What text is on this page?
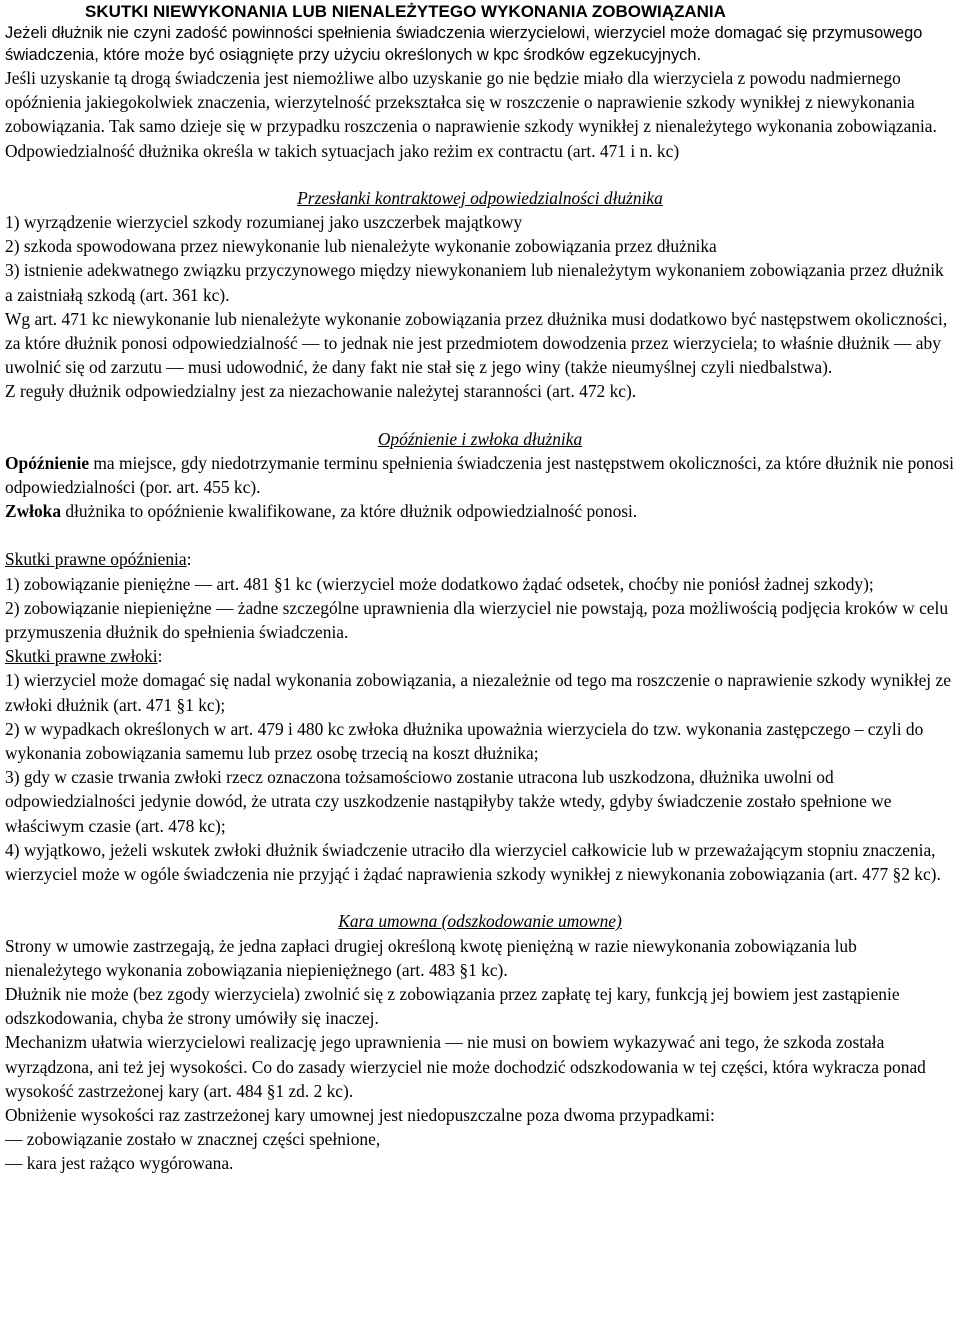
SKUTKI NIEWYKONANIA LUB NIENALEŻYTEGO WYKONANIA ZOBOWIĄZANIA

Jeżeli dłużnik nie czyni zadość powinności spełnienia świadczenia wierzycielowi, wierzyciel może domagać się przymusowego świadczenia, które może być osiągnięte przy użyciu określonych w kpc środków egzekucyjnych.

Jeśli uzyskanie tą drogą świadczenia jest niemożliwe albo uzyskanie go nie będzie miało dla wierzyciela z powodu nadmiernego opóźnienia jakiegokolwiek znaczenia, wierzytelność przekształca się w roszczenie o naprawienie szkody wynikłej z niewykonania zobowiązania. Tak samo dzieje się w przypadku roszczenia o naprawienie szkody wynikłej z nienależytego wykonania zobowiązania.

Odpowiedzialność dłużnika określa w takich sytuacjach jako reżim ex contractu (art. 471 i n. kc)

Przesłanki kontraktowej odpowiedzialności dłużnika

1) wyrządzenie wierzyciel szkody rozumianej jako uszczerbek majątkowy

2) szkoda spowodowana przez niewykonanie lub nienależyte wykonanie zobowiązania przez dłużnika

3) istnienie adekwatnego związku przyczynowego między niewykonaniem lub nienależytym wykonaniem zobowiązania przez dłużnik a zaistniałą szkodą (art. 361 kc).

Wg art. 471 kc niewykonanie lub nienależyte wykonanie zobowiązania przez dłużnika musi dodatkowo być następstwem okoliczności, za które dłużnik ponosi odpowiedzialność — to jednak nie jest przedmiotem dowodzenia przez wierzyciela; to właśnie dłużnik — aby uwolnić się od zarzutu — musi udowodnić, że dany fakt nie stał się z jego winy (także nieumyślnej czyli niedbalstwa).

Z reguły dłużnik odpowiedzialny jest za niezachowanie należytej staranności (art. 472 kc).

Opóźnienie i zwłoka dłużnika

Opóźnienie ma miejsce, gdy niedotrzymanie terminu spełnienia świadczenia jest następstwem okoliczności, za które dłużnik nie ponosi odpowiedzialności (por. art. 455 kc).

Zwłoka dłużnika to opóźnienie kwalifikowane, za które dłużnik odpowiedzialność ponosi.

Skutki prawne opóźnienia:

1) zobowiązanie pieniężne — art. 481 §1 kc (wierzyciel może dodatkowo żądać odsetek, choćby nie poniósł żadnej szkody);

2) zobowiązanie niepieniężne — żadne szczególne uprawnienia dla wierzyciel nie powstają, poza możliwością podjęcia kroków w celu przymuszenia dłużnik do spełnienia świadczenia.

Skutki prawne zwłoki:

1) wierzyciel może domagać się nadal wykonania zobowiązania, a niezależnie od tego ma roszczenie o naprawienie szkody wynikłej ze zwłoki dłużnik (art. 471 §1 kc);

2) w wypadkach określonych w art. 479 i 480 kc zwłoka dłużnika upoważnia wierzyciela do tzw. wykonania zastępczego – czyli do wykonania zobowiązania samemu lub przez osobę trzecią na koszt dłużnika;

3) gdy w czasie trwania zwłoki rzecz oznaczona tożsamościowo zostanie utracona lub uszkodzona, dłużnika uwolni od odpowiedzialności jedynie dowód, że utrata czy uszkodzenie nastąpiłyby także wtedy, gdyby świadczenie zostało spełnione we właściwym czasie (art. 478 kc);

4) wyjątkowo, jeżeli wskutek zwłoki dłużnik świadczenie utraciło dla wierzyciel całkowicie lub w przeważającym stopniu znaczenia, wierzyciel może w ogóle świadczenia nie przyjąć i żądać naprawienia szkody wynikłej z niewykonania zobowiązania (art. 477 §2 kc).

Kara umowna (odszkodowanie umowne)

Strony w umowie zastrzegają, że jedna zapłaci drugiej określoną kwotę pieniężną w razie niewykonania zobowiązania lub nienależytego wykonania zobowiązania niepieniężnego (art. 483 §1 kc).

Dłużnik nie może (bez zgody wierzyciela) zwolnić się z zobowiązania przez zapłatę tej kary, funkcją jej bowiem jest zastąpienie odszkodowania, chyba że strony umówiły się inaczej.

Mechanizm ułatwia wierzycielowi realizację jego uprawnienia — nie musi on bowiem wykazywać ani tego, że szkoda została wyrządzona, ani też jej wysokości. Co do zasady wierzyciel nie może dochodzić odszkodowania w tej części, która wykracza ponad wysokość zastrzeżonej kary (art. 484 §1 zd. 2 kc).

Obniżenie wysokości raz zastrzeżonej kary umownej jest niedopuszczalne poza dwoma przypadkami:

— zobowiązanie zostało w znacznej części spełnione,

— kara jest rażąco wygórowana.
